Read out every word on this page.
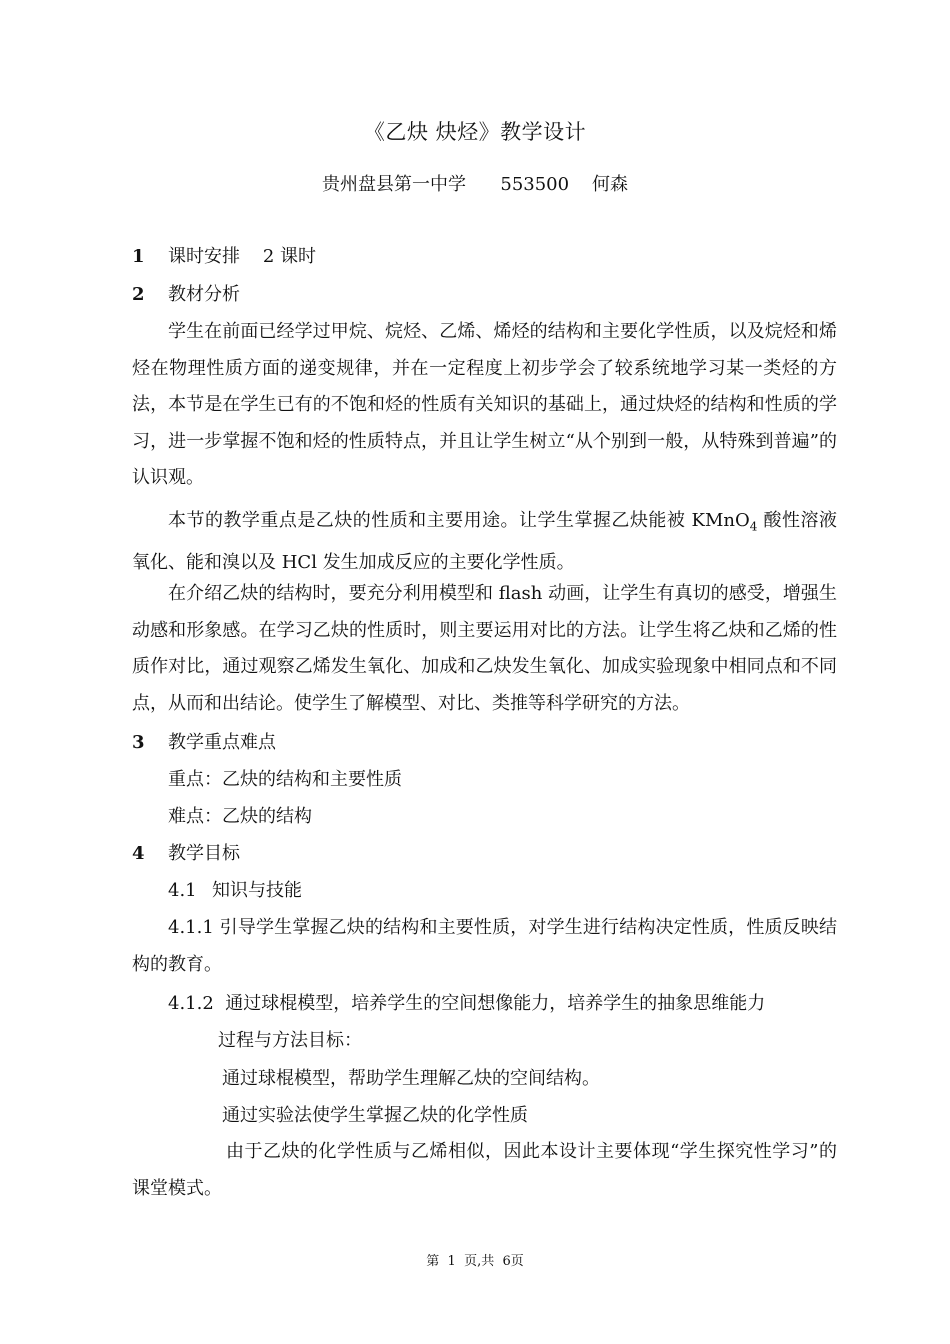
《乙炔 炔烃》教学设计
贵州盘县第一中学      553500    何森
1 课时安排    2 课时
2 教材分析
学生在前面已经学过甲烷、烷烃、乙烯、烯烃的结构和主要化学性质，以及烷烃和烯烃在物理性质方面的递变规律，并在一定程度上初步学会了较系统地学习某一类烃的方法，本节是在学生已有的不饱和烃的性质有关知识的基础上，通过炔烃的结构和性质的学习，进一步掌握不饱和烃的性质特点，并且让学生树立“从个别到一般，从特殊到普遍”的认识观。
本节的教学重点是乙炔的性质和主要用途。让学生掌握乙炔能被 KMnO$_4$ 酸性溶液氧化、能和溴以及 HCl 发生加成反应的主要化学性质。
在介绍乙炔的结构时，要充分利用模型和 flash 动画，让学生有真切的感受，增强生动感和形象感。在学习乙炔的性质时，则主要运用对比的方法。让学生将乙炔和乙烯的性质作对比，通过观察乙烯发生氧化、加成和乙炔发生氧化、加成实验现象中相同点和不同点，从而和出结论。使学生了解模型、对比、类推等科学研究的方法。
3 教学重点难点
重点：乙炔的结构和主要性质
难点：乙炔的结构
4 教学目标
4.1 知识与技能
4.1.1 引导学生掌握乙炔的结构和主要性质，对学生进行结构决定性质，性质反映结构的教育。
4.1.2  通过球棍模型，培养学生的空间想像能力，培养学生的抽象思维能力
过程与方法目标：
通过球棍模型，帮助学生理解乙炔的空间结构。
通过实验法使学生掌握乙炔的化学性质
由于乙炔的化学性质与乙烯相似，因此本设计主要体现“学生探究性学习”的课堂模式。
第  1  页,共  6页
